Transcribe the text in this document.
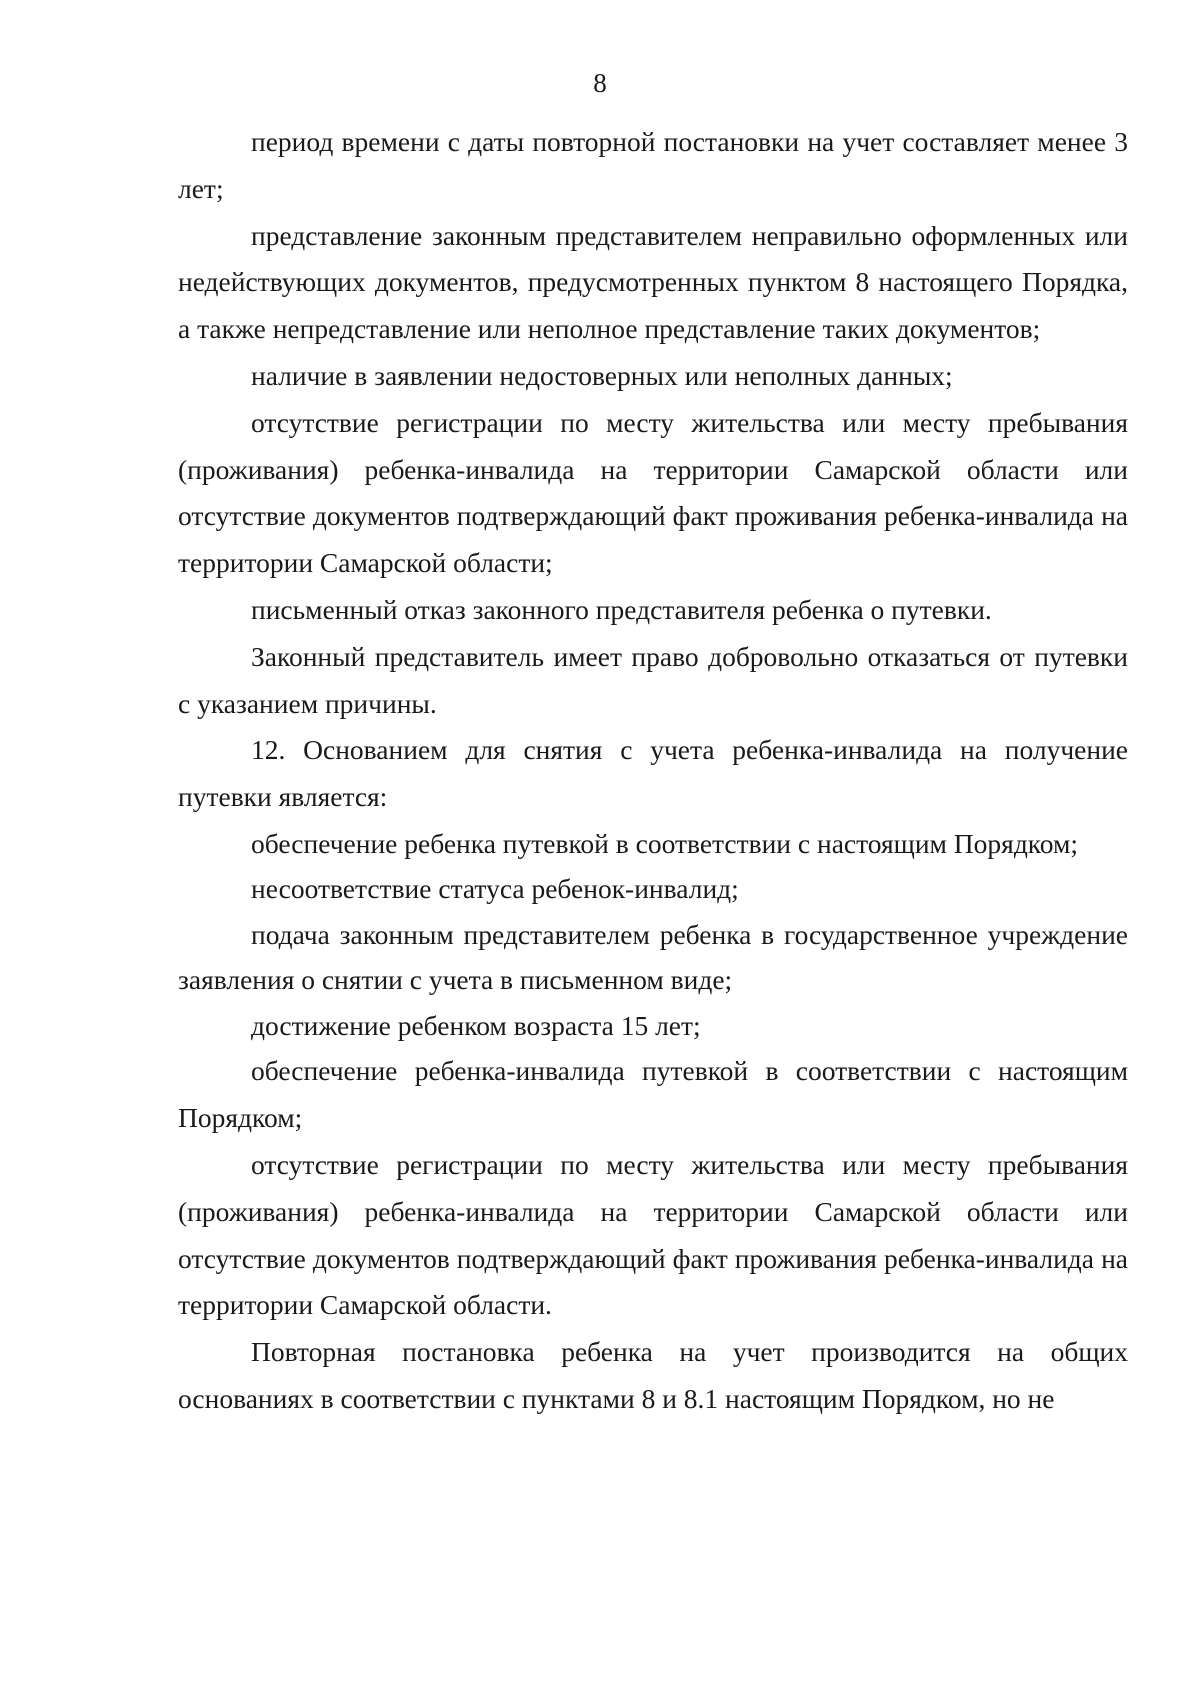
8

период времени с даты повторной постановки на учет составляет менее 3 лет;

представление законным представителем неправильно оформленных или недействующих документов, предусмотренных пунктом 8 настоящего Порядка, а также непредставление или неполное представление таких документов;

наличие в заявлении недостоверных или неполных данных;

отсутствие регистрации по месту жительства или месту пребывания (проживания) ребенка-инвалида на территории Самарской области или отсутствие документов подтверждающий факт проживания ребенка-инвалида на территории Самарской области;

письменный отказ законного представителя ребенка о путевки.

Законный представитель имеет право добровольно отказаться от путевки с указанием причины.

12. Основанием для снятия с учета ребенка-инвалида на получение путевки является:

обеспечение ребенка путевкой в соответствии с настоящим Порядком;

несоответствие статуса ребенок-инвалид;

подача законным представителем ребенка в государственное учреждение заявления о снятии с учета в письменном виде;

достижение ребенком возраста 15 лет;

обеспечение ребенка-инвалида путевкой в соответствии с настоящим Порядком;

отсутствие регистрации по месту жительства или месту пребывания (проживания) ребенка-инвалида на территории Самарской области или отсутствие документов подтверждающий факт проживания ребенка-инвалида на территории Самарской области.

Повторная постановка ребенка на учет производится на общих основаниях в соответствии с пунктами 8 и 8.1 настоящим Порядком, но не
